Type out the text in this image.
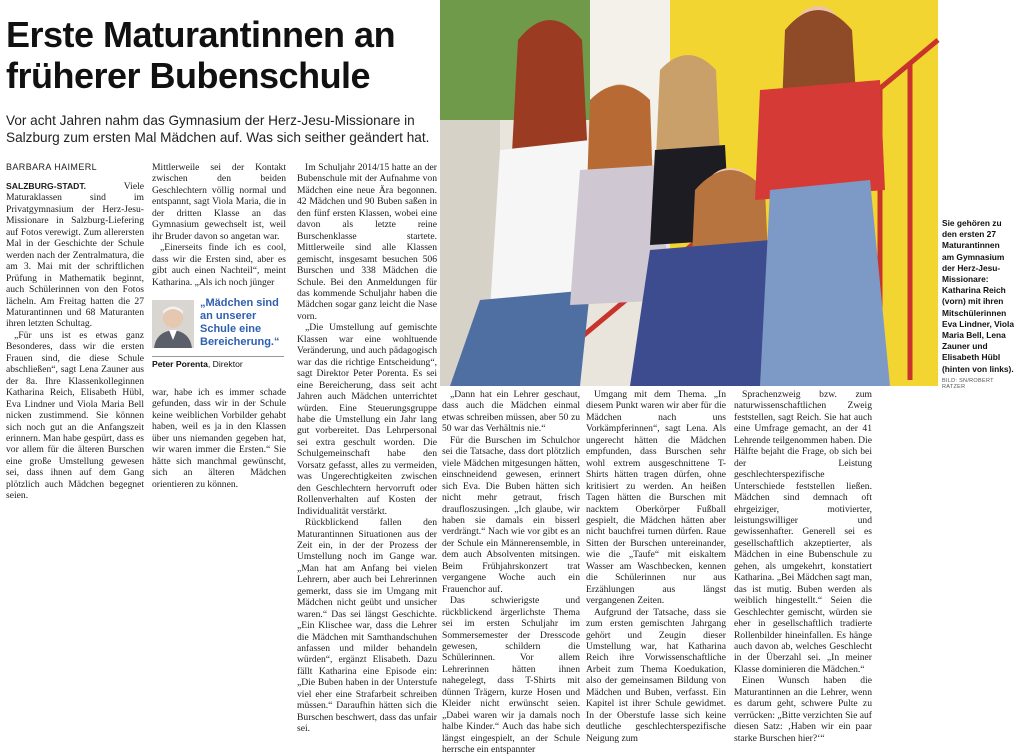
Erste Maturantinnen an früherer Bubenschule

Vor acht Jahren nahm das Gymnasium der Herz-Jesu-Missionare in Salzburg zum ersten Mal Mädchen auf. Was sich seither geändert hat.

BARBARA HAIMERL

SALZBURG-STADT.	Viele Maturaklassen sind im Privatgymnasium der Herz-Jesu-Missionare in Salzburg-Liefering auf Fotos verewigt. Zum allerersten Mal in der Geschichte der Schule werden nach der Zentralmatura, die am 3. Mai mit der schriftlichen Prüfung in Mathematik beginnt, auch Schülerinnen von den Fotos lächeln. Am Freitag hatten die 27 Maturantinnen und 68 Maturanten ihren letzten Schultag.

„Für uns ist es etwas ganz Besonderes, dass wir die ersten Frauen sind, die diese Schule abschließen“, sagt Lena Zauner aus der 8a. Ihre Klassenkolleginnen Katharina Reich, Elisabeth Hübl, Eva Lindner und Viola Maria Bell nicken zustimmend. Sie können sich noch gut an die Anfangszeit erinnern. Man habe gespürt, dass es vor allem für die älteren Burschen eine große Umstellung gewesen sei, dass ihnen auf dem Gang plötzlich auch Mädchen begegnet seien.

Mittlerweile sei der Kontakt zwischen den beiden Geschlechtern völlig normal und entspannt, sagt Viola Maria, die in der dritten Klasse an das Gymnasium gewechselt ist, weil ihr Bruder davon so angetan war.

„Einerseits finde ich es cool, dass wir die Ersten sind, aber es gibt auch einen Nachteil“, meint Katharina. „Als ich noch jünger

„Mädchen sind an unserer Schule eine Bereicherung.“
Peter Porenta, Direktor

war, habe ich es immer schade gefunden, dass wir in der Schule keine weiblichen Vorbilder gehabt haben, weil es ja in den Klassen über uns niemanden gegeben hat, wir waren immer die Ersten.“ Sie hätte sich manchmal gewünscht, sich an älteren Mädchen orientieren zu können.

Im Schuljahr 2014/15 hatte an der Bubenschule mit der Aufnahme von Mädchen eine neue Ära begonnen. 42 Mädchen und 90 Buben saßen in den fünf ersten Klassen, wobei eine davon als letzte reine Burschenklasse startete. Mittlerweile sind alle Klassen gemischt, insgesamt besuchen 506 Burschen und 338 Mädchen die Schule. Bei den Anmeldungen für das kommende Schuljahr haben die Mädchen sogar ganz leicht die Nase vorn.

„Die Umstellung auf gemischte Klassen war eine wohltuende Veränderung, und auch pädagogisch war das die richtige Entscheidung“, sagt Direktor Peter Porenta. Es sei eine Bereicherung, dass seit acht Jahren auch Mädchen unterrichtet würden. Eine Steuerungsgruppe habe die Umstellung ein Jahr lang gut vorbereitet. Das Lehrpersonal sei extra geschult worden. Die Schulgemeinschaft habe den Vorsatz gefasst, alles zu vermeiden, was Ungerechtigkeiten zwischen den Geschlechtern hervorruft oder Rollenverhalten auf Kosten der Individualität verstärkt.

Rückblickend fallen den Maturantinnen Situationen aus der Zeit ein, in der der Prozess der Umstellung noch im Gange war. „Man hat am Anfang bei vielen Lehrern, aber auch bei Lehrerinnen gemerkt, dass sie im Umgang mit Mädchen nicht geübt und unsicher waren.“ Das sei längst Geschichte. „Ein Klischee war, dass die Lehrer die Mädchen mit Samthandschuhen anfassen und milder behandeln würden“, ergänzt Elisabeth. Dazu fällt Katharina eine Episode ein: „Die Buben haben in der Unterstufe viel eher eine Strafarbeit schreiben müssen.“ Daraufhin hätten sich die Burschen beschwert, dass das unfair sei.

Sie gehören zu den ersten 27 Maturantinnen am Gymnasium der Herz-Jesu-Missionare: Katharina Reich (vorn) mit ihren Mitschülerinnen Eva Lindner, Viola Maria Bell, Lena Zauner und Elisabeth Hübl (hinten von links).
BILD: SN/ROBERT RATZER

„Dann hat ein Lehrer geschaut, dass auch die Mädchen einmal etwas schreiben müssen, aber 50 zu 50 war das Verhältnis nie.“

Für die Burschen im Schulchor sei die Tatsache, dass dort plötzlich viele Mädchen mitgesungen hätten, einschneidend gewesen, erinnert sich Eva. Die Buben hätten sich nicht mehr getraut, frisch draufloszusingen. „Ich glaube, wir haben sie damals ein bisserl verdrängt.“ Nach wie vor gibt es an der Schule ein Männerensemble, in dem auch Absolventen mitsingen. Beim Frühjahrskonzert trat vergangene Woche auch ein Frauenchor auf.

Das schwierigste und rückblickend ärgerlichste Thema sei im ersten Schuljahr im Sommersemester der Dresscode gewesen, schildern die Schülerinnen. Vor allem Lehrerinnen hätten ihnen nahegelegt, dass T-Shirts mit dünnen Trägern, kurze Hosen und Kleider nicht erwünscht seien. „Dabei waren wir ja damals noch halbe Kinder.“ Auch das habe sich längst eingespielt, an der Schule herrsche ein entspannter

Umgang mit dem Thema. „In diesem Punkt waren wir aber für die Mädchen nach uns Vorkämpferinnen“, sagt Lena. Als ungerecht hätten die Mädchen empfunden, dass Burschen sehr wohl extrem ausgeschnittene T-Shirts hätten tragen dürfen, ohne kritisiert zu werden. An heißen Tagen hätten die Burschen mit nacktem Oberkörper Fußball gespielt, die Mädchen hätten aber nicht bauchfrei turnen dürfen. Raue Sitten der Burschen untereinander, wie die „Taufe“ mit eiskaltem Wasser am Waschbecken, kennen die Schülerinnen nur aus Erzählungen aus längst vergangenen Zeiten.

Aufgrund der Tatsache, dass sie zum ersten gemischten Jahrgang gehört und Zeugin dieser Umstellung war, hat Katharina Reich ihre Vorwissenschaftliche Arbeit zum Thema Koedukation, also der gemeinsamen Bildung von Mädchen und Buben, verfasst. Ein Kapitel ist ihrer Schule gewidmet. In der Oberstufe lasse sich keine deutliche geschlechterspezifische Neigung zum

Sprachenzweig bzw. zum naturwissenschaftlichen Zweig feststellen, sagt Reich. Sie hat auch eine Umfrage gemacht, an der 41 Lehrende teilgenommen haben. Die Hälfte bejaht die Frage, ob sich bei der Leistung geschlechterspezifische Unterschiede feststellen ließen. Mädchen sind demnach oft ehrgeiziger, motivierter, leistungswilliger und gewissenhafter. Generell sei es gesellschaftlich akzeptierter, als Mädchen in eine Bubenschule zu gehen, als umgekehrt, konstatiert Katharina. „Bei Mädchen sagt man, das ist mutig. Buben werden als weiblich hingestellt.“ Seien die Geschlechter gemischt, würden sie eher in gesellschaftlich tradierte Rollenbilder hineinfallen. Es hänge auch davon ab, welches Geschlecht in der Überzahl sei. „In meiner Klasse dominieren die Mädchen.“

Einen Wunsch haben die Maturantinnen an die Lehrer, wenn es darum geht, schwere Pulte zu verrücken: „Bitte verzichten Sie auf diesen Satz: ‚Haben wir ein paar starke Burschen hier?‘“
